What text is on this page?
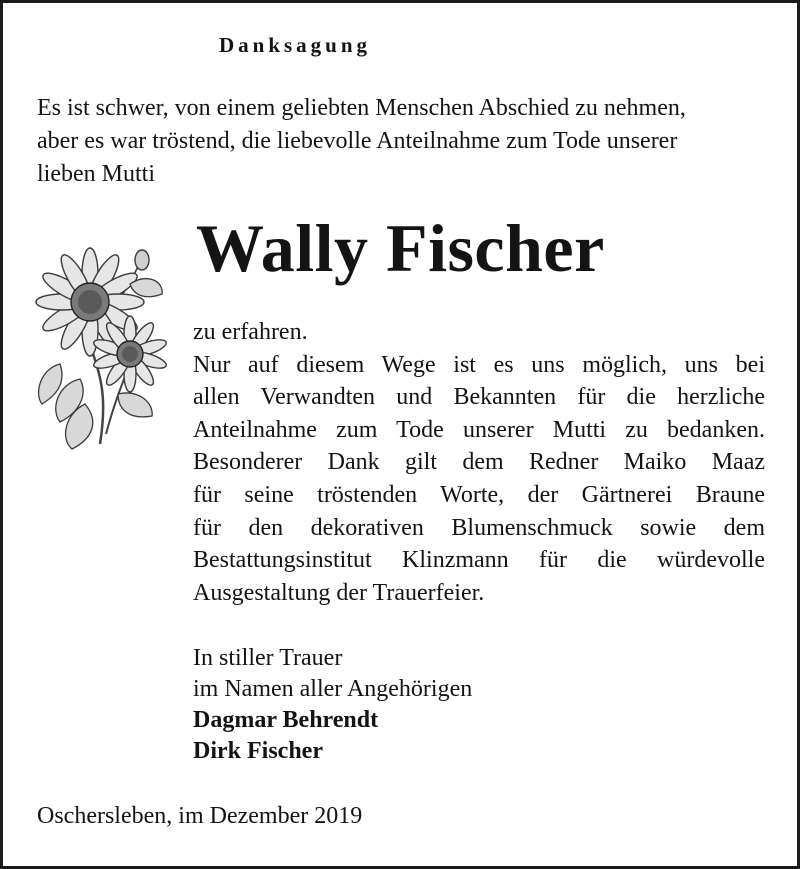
Danksagung

Es ist schwer, von einem geliebten Menschen Abschied zu nehmen,
aber es war tröstend, die liebevolle Anteilnahme zum Tode unserer
lieben Mutti

Wally Fischer

zu erfahren.
Nur auf diesem Wege ist es uns möglich, uns bei
allen Verwandten und Bekannten für die herzliche
Anteilnahme zum Tode unserer Mutti zu bedanken.
Besonderer Dank gilt dem Redner Maiko Maaz
für seine tröstenden Worte, der Gärtnerei Braune
für den dekorativen Blumenschmuck sowie dem
Bestattungsinstitut Klinzmann für die würdevolle
Ausgestaltung der Trauerfeier.

In stiller Trauer
im Namen aller Angehörigen
Dagmar Behrendt
Dirk Fischer
Oschersleben, im Dezember 2019
